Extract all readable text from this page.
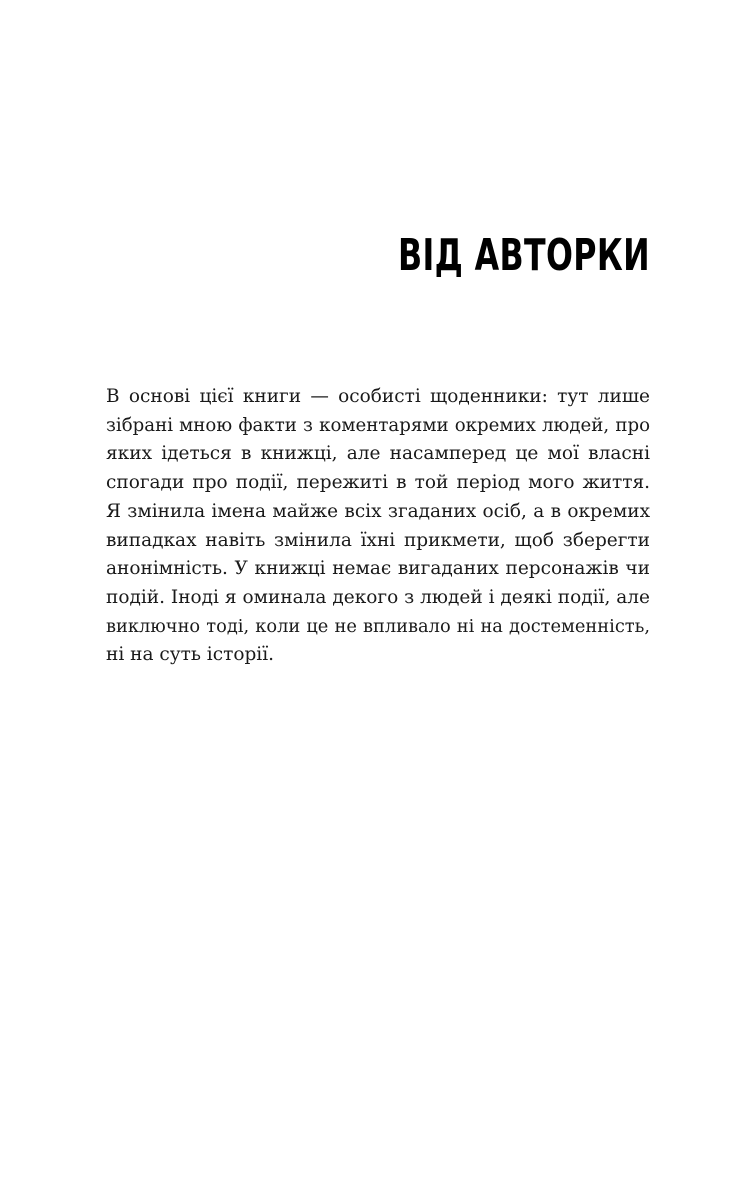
ВІД АВТОРКИ
В основі цієї книги — особисті щоденники: тут лише
зібрані мною факти з коментарями окремих людей, про
яких ідеться в книжці, але насамперед це мої власні
спогади про події, пережиті в той період мого життя.
Я змінила імена майже всіх згаданих осіб, а в окремих
випадках навіть змінила їхні прикмети, щоб зберегти
анонімність. У книжці немає вигаданих персонажів чи
подій. Іноді я оминала декого з людей і деякі події, але
виключно тоді, коли це не впливало ні на достеменність,
ні на суть історії.
